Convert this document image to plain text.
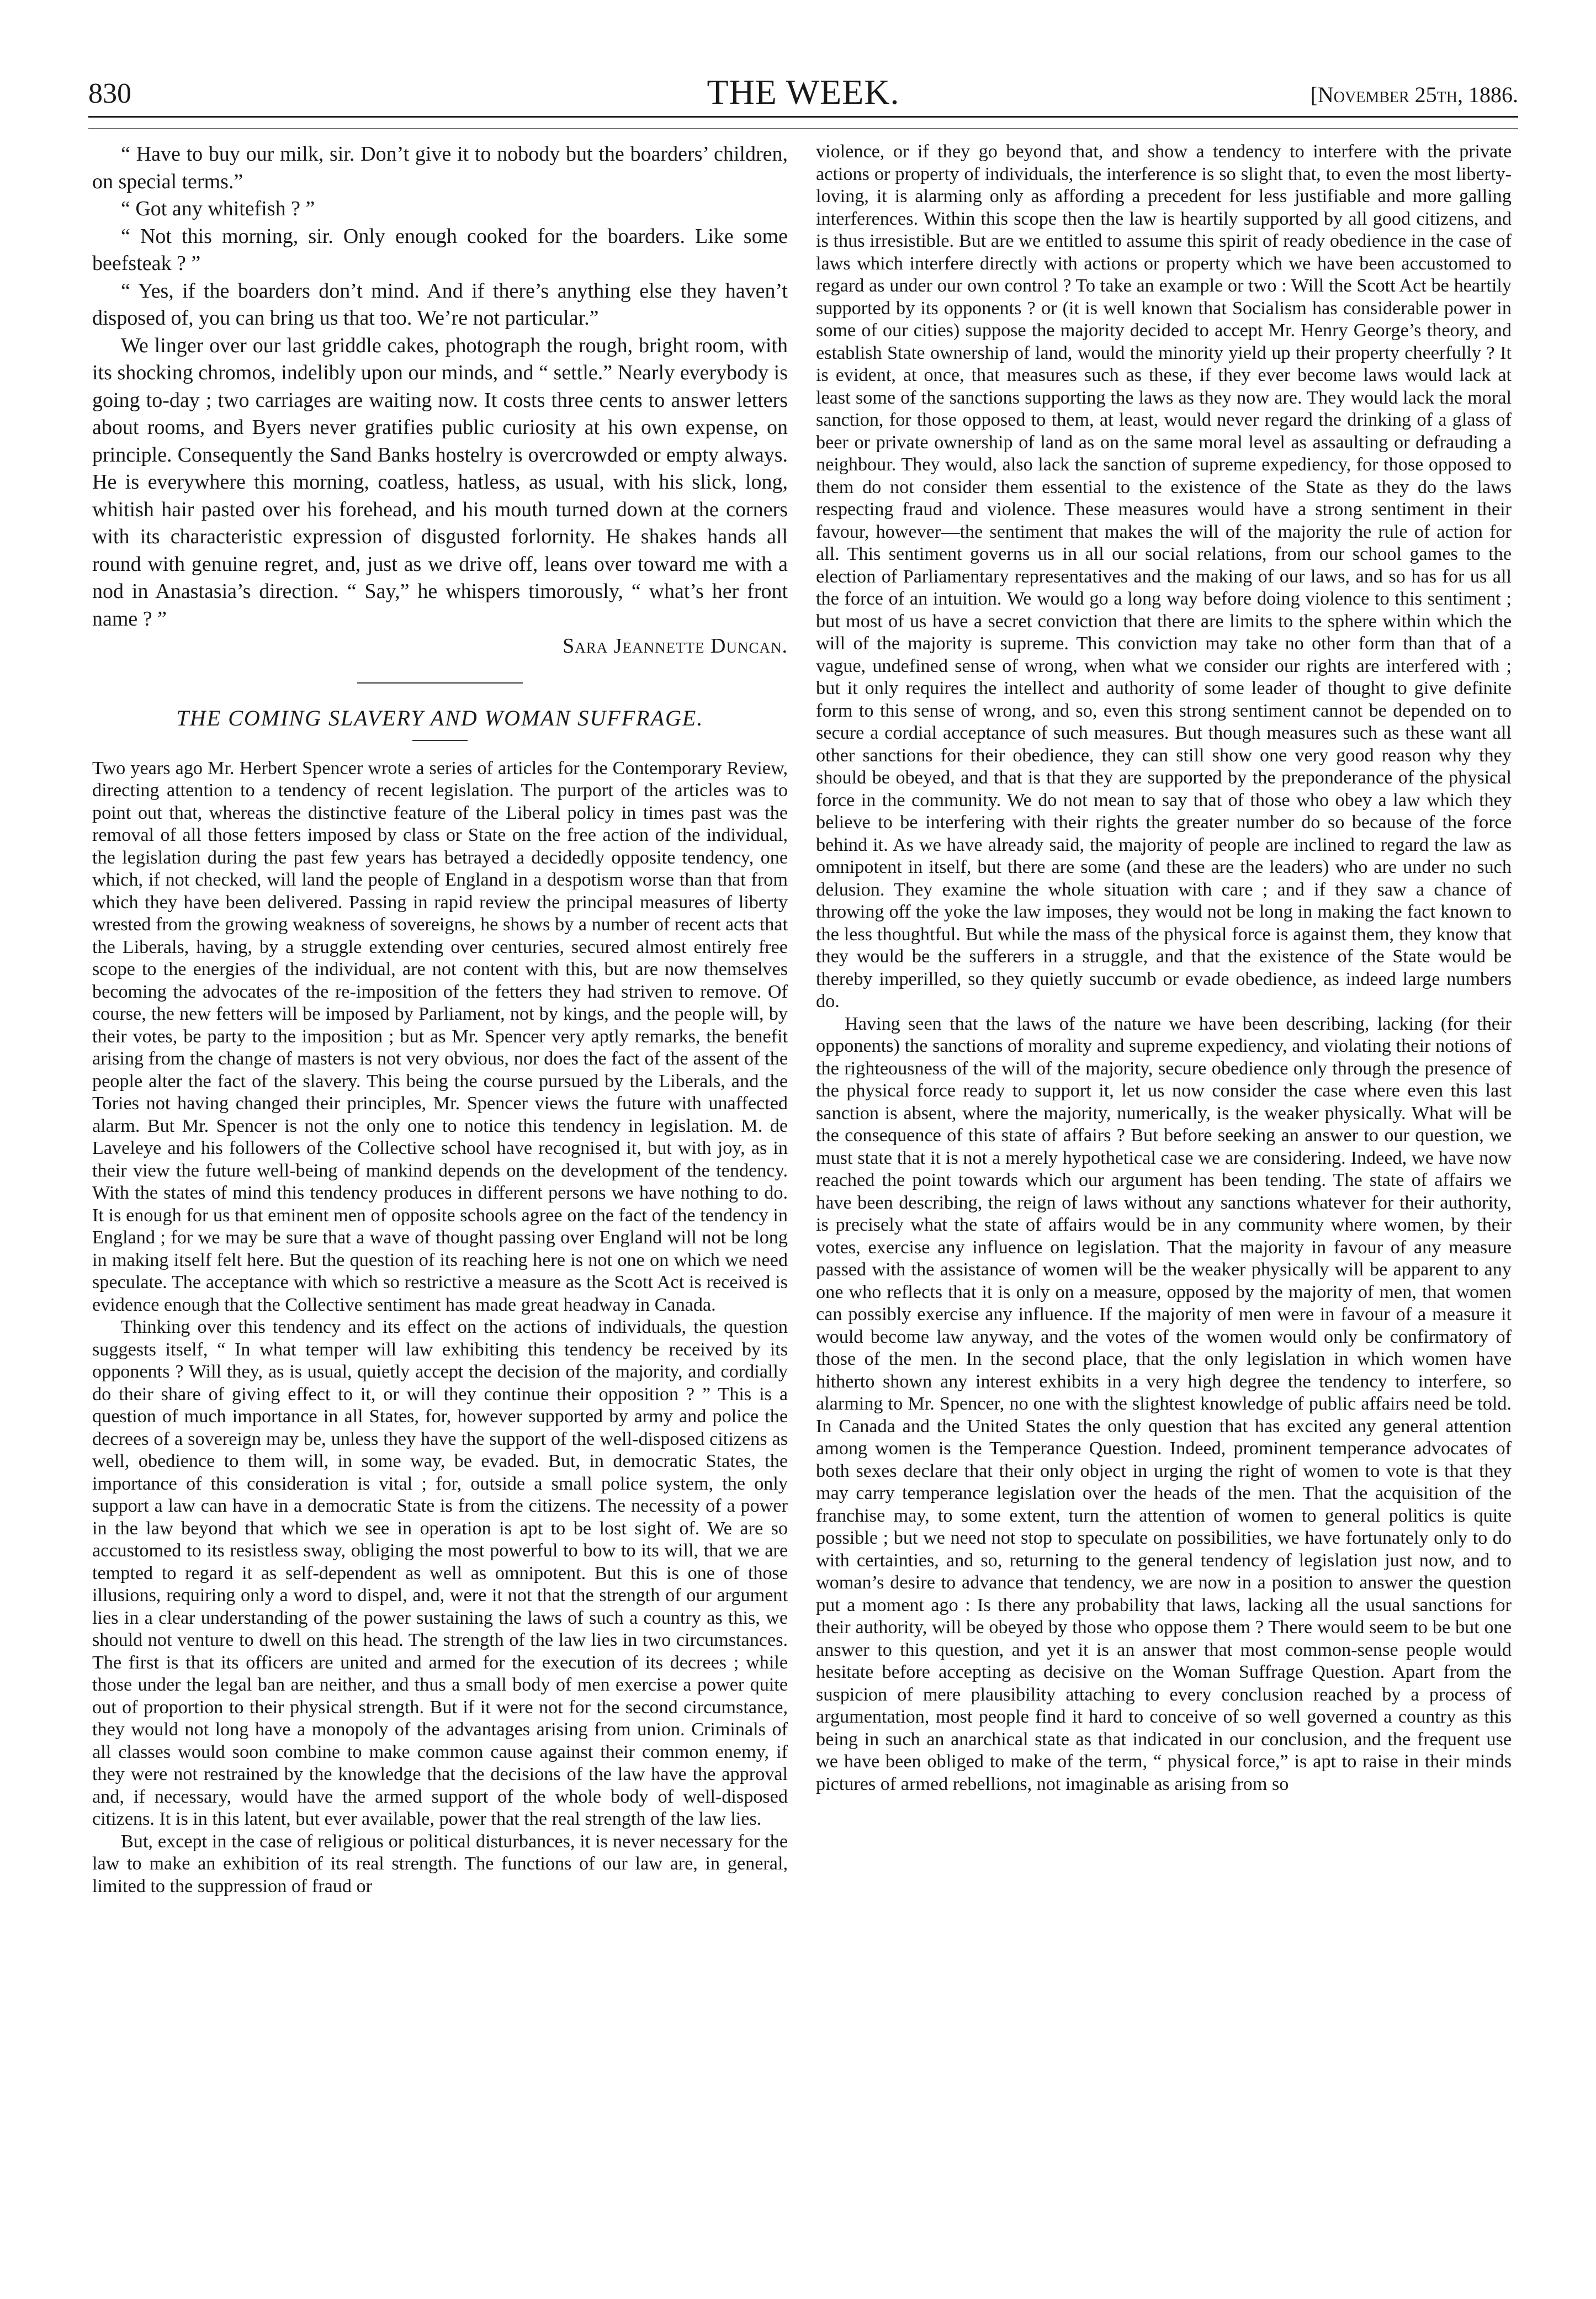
830	THE WEEK.	[November 25th, 1886.

“ Have to buy our milk, sir. Don’t give it to nobody but the boarders’ children, on special terms.”

“ Got any whitefish ? ”

“ Not this morning, sir. Only enough cooked for the boarders. Like some beefsteak ? ”

“ Yes, if the boarders don’t mind. And if there’s anything else they haven’t disposed of, you can bring us that too. We’re not particular.”

We linger over our last griddle cakes, photograph the rough, bright room, with its shocking chromos, indelibly upon our minds, and “ settle.” Nearly everybody is going to-day ; two carriages are waiting now. It costs three cents to answer letters about rooms, and Byers never gratifies public curiosity at his own expense, on principle. Consequently the Sand Banks hostelry is overcrowded or empty always. He is everywhere this morning, coatless, hatless, as usual, with his slick, long, whitish hair pasted over his forehead, and his mouth turned down at the corners with its characteristic expression of disgusted forlornity. He shakes hands all round with genuine regret, and, just as we drive off, leans over toward me with a nod in Anastasia’s direction. “ Say,” he whispers timorously, “ what’s her front name ? ”

Sara Jeannette Duncan.

THE COMING SLAVERY AND WOMAN SUFFRAGE.

Two years ago Mr. Herbert Spencer wrote a series of articles for the Contemporary Review, directing attention to a tendency of recent legislation. The purport of the articles was to point out that, whereas the distinctive feature of the Liberal policy in times past was the removal of all those fetters imposed by class or State on the free action of the individual, the legislation during the past few years has betrayed a decidedly opposite tendency, one which, if not checked, will land the people of England in a despotism worse than that from which they have been delivered. Passing in rapid review the principal measures of liberty wrested from the growing weakness of sovereigns, he shows by a number of recent acts that the Liberals, having, by a struggle extending over centuries, secured almost entirely free scope to the energies of the individual, are not content with this, but are now themselves becoming the advocates of the re-imposition of the fetters they had striven to remove. Of course, the new fetters will be imposed by Parliament, not by kings, and the people will, by their votes, be party to the imposition ; but as Mr. Spencer very aptly remarks, the benefit arising from the change of masters is not very obvious, nor does the fact of the assent of the people alter the fact of the slavery. This being the course pursued by the Liberals, and the Tories not having changed their principles, Mr. Spencer views the future with unaffected alarm. But Mr. Spencer is not the only one to notice this tendency in legislation. M. de Laveleye and his followers of the Collective school have recognised it, but with joy, as in their view the future well-being of mankind depends on the development of the tendency. With the states of mind this tendency produces in different persons we have nothing to do. It is enough for us that eminent men of opposite schools agree on the fact of the tendency in England ; for we may be sure that a wave of thought passing over England will not be long in making itself felt here. But the question of its reaching here is not one on which we need speculate. The acceptance with which so restrictive a measure as the Scott Act is received is evidence enough that the Collective sentiment has made great headway in Canada.

Thinking over this tendency and its effect on the actions of individuals, the question suggests itself, “ In what temper will law exhibiting this tendency be received by its opponents ? Will they, as is usual, quietly accept the decision of the majority, and cordially do their share of giving effect to it, or will they continue their opposition ? ” This is a question of much importance in all States, for, however supported by army and police the decrees of a sovereign may be, unless they have the support of the well-disposed citizens as well, obedience to them will, in some way, be evaded. But, in democratic States, the importance of this consideration is vital ; for, outside a small police system, the only support a law can have in a democratic State is from the citizens. The necessity of a power in the law beyond that which we see in operation is apt to be lost sight of. We are so accustomed to its resistless sway, obliging the most powerful to bow to its will, that we are tempted to regard it as self-dependent as well as omnipotent. But this is one of those illusions, requiring only a word to dispel, and, were it not that the strength of our argument lies in a clear understanding of the power sustaining the laws of such a country as this, we should not venture to dwell on this head. The strength of the law lies in two circumstances. The first is that its officers are united and armed for the execution of its decrees ; while those under the legal ban are neither, and thus a small body of men exercise a power quite out of proportion to their physical strength. But if it were not for the second circumstance, they would not long have a monopoly of the advantages arising from union. Criminals of all classes would soon combine to make common cause against their common enemy, if they were not restrained by the knowledge that the decisions of the law have the approval and, if necessary, would have the armed support of the whole body of well-disposed citizens. It is in this latent, but ever available, power that the real strength of the law lies.

But, except in the case of religious or political disturbances, it is never necessary for the law to make an exhibition of its real strength. The functions of our law are, in general, limited to the suppression of fraud or

violence, or if they go beyond that, and show a tendency to interfere with the private actions or property of individuals, the interference is so slight that, to even the most liberty-loving, it is alarming only as affording a precedent for less justifiable and more galling interferences. Within this scope then the law is heartily supported by all good citizens, and is thus irresistible. But are we entitled to assume this spirit of ready obedience in the case of laws which interfere directly with actions or property which we have been accustomed to regard as under our own control ? To take an example or two : Will the Scott Act be heartily supported by its opponents ? or (it is well known that Socialism has considerable power in some of our cities) suppose the majority decided to accept Mr. Henry George’s theory, and establish State ownership of land, would the minority yield up their property cheerfully ? It is evident, at once, that measures such as these, if they ever become laws would lack at least some of the sanctions supporting the laws as they now are. They would lack the moral sanction, for those opposed to them, at least, would never regard the drinking of a glass of beer or private ownership of land as on the same moral level as assaulting or defrauding a neighbour. They would, also lack the sanction of supreme expediency, for those opposed to them do not consider them essential to the existence of the State as they do the laws respecting fraud and violence. These measures would have a strong sentiment in their favour, however—the sentiment that makes the will of the majority the rule of action for all. This sentiment governs us in all our social relations, from our school games to the election of Parliamentary representatives and the making of our laws, and so has for us all the force of an intuition. We would go a long way before doing violence to this sentiment ; but most of us have a secret conviction that there are limits to the sphere within which the will of the majority is supreme. This conviction may take no other form than that of a vague, undefined sense of wrong, when what we consider our rights are interfered with ; but it only requires the intellect and authority of some leader of thought to give definite form to this sense of wrong, and so, even this strong sentiment cannot be depended on to secure a cordial acceptance of such measures. But though measures such as these want all other sanctions for their obedience, they can still show one very good reason why they should be obeyed, and that is that they are supported by the preponderance of the physical force in the community. We do not mean to say that of those who obey a law which they believe to be interfering with their rights the greater number do so because of the force behind it. As we have already said, the majority of people are inclined to regard the law as omnipotent in itself, but there are some (and these are the leaders) who are under no such delusion. They examine the whole situation with care ; and if they saw a chance of throwing off the yoke the law imposes, they would not be long in making the fact known to the less thoughtful. But while the mass of the physical force is against them, they know that they would be the sufferers in a struggle, and that the existence of the State would be thereby imperilled, so they quietly succumb or evade obedience, as indeed large numbers do.

Having seen that the laws of the nature we have been describing, lacking (for their opponents) the sanctions of morality and supreme expediency, and violating their notions of the righteousness of the will of the majority, secure obedience only through the presence of the physical force ready to support it, let us now consider the case where even this last sanction is absent, where the majority, numerically, is the weaker physically. What will be the consequence of this state of affairs ? But before seeking an answer to our question, we must state that it is not a merely hypothetical case we are considering. Indeed, we have now reached the point towards which our argument has been tending. The state of affairs we have been describing, the reign of laws without any sanctions whatever for their authority, is precisely what the state of affairs would be in any community where women, by their votes, exercise any influence on legislation. That the majority in favour of any measure passed with the assistance of women will be the weaker physically will be apparent to any one who reflects that it is only on a measure, opposed by the majority of men, that women can possibly exercise any influence. If the majority of men were in favour of a measure it would become law anyway, and the votes of the women would only be confirmatory of those of the men. In the second place, that the only legislation in which women have hitherto shown any interest exhibits in a very high degree the tendency to interfere, so alarming to Mr. Spencer, no one with the slightest knowledge of public affairs need be told. In Canada and the United States the only question that has excited any general attention among women is the Temperance Question. Indeed, prominent temperance advocates of both sexes declare that their only object in urging the right of women to vote is that they may carry temperance legislation over the heads of the men. That the acquisition of the franchise may, to some extent, turn the attention of women to general politics is quite possible ; but we need not stop to speculate on possibilities, we have fortunately only to do with certainties, and so, returning to the general tendency of legislation just now, and to woman’s desire to advance that tendency, we are now in a position to answer the question put a moment ago : Is there any probability that laws, lacking all the usual sanctions for their authority, will be obeyed by those who oppose them ? There would seem to be but one answer to this question, and yet it is an answer that most common-sense people would hesitate before accepting as decisive on the Woman Suffrage Question. Apart from the suspicion of mere plausibility attaching to every conclusion reached by a process of argumentation, most people find it hard to conceive of so well governed a country as this being in such an anarchical state as that indicated in our conclusion, and the frequent use we have been obliged to make of the term, “ physical force,” is apt to raise in their minds pictures of armed rebellions, not imaginable as arising from so
